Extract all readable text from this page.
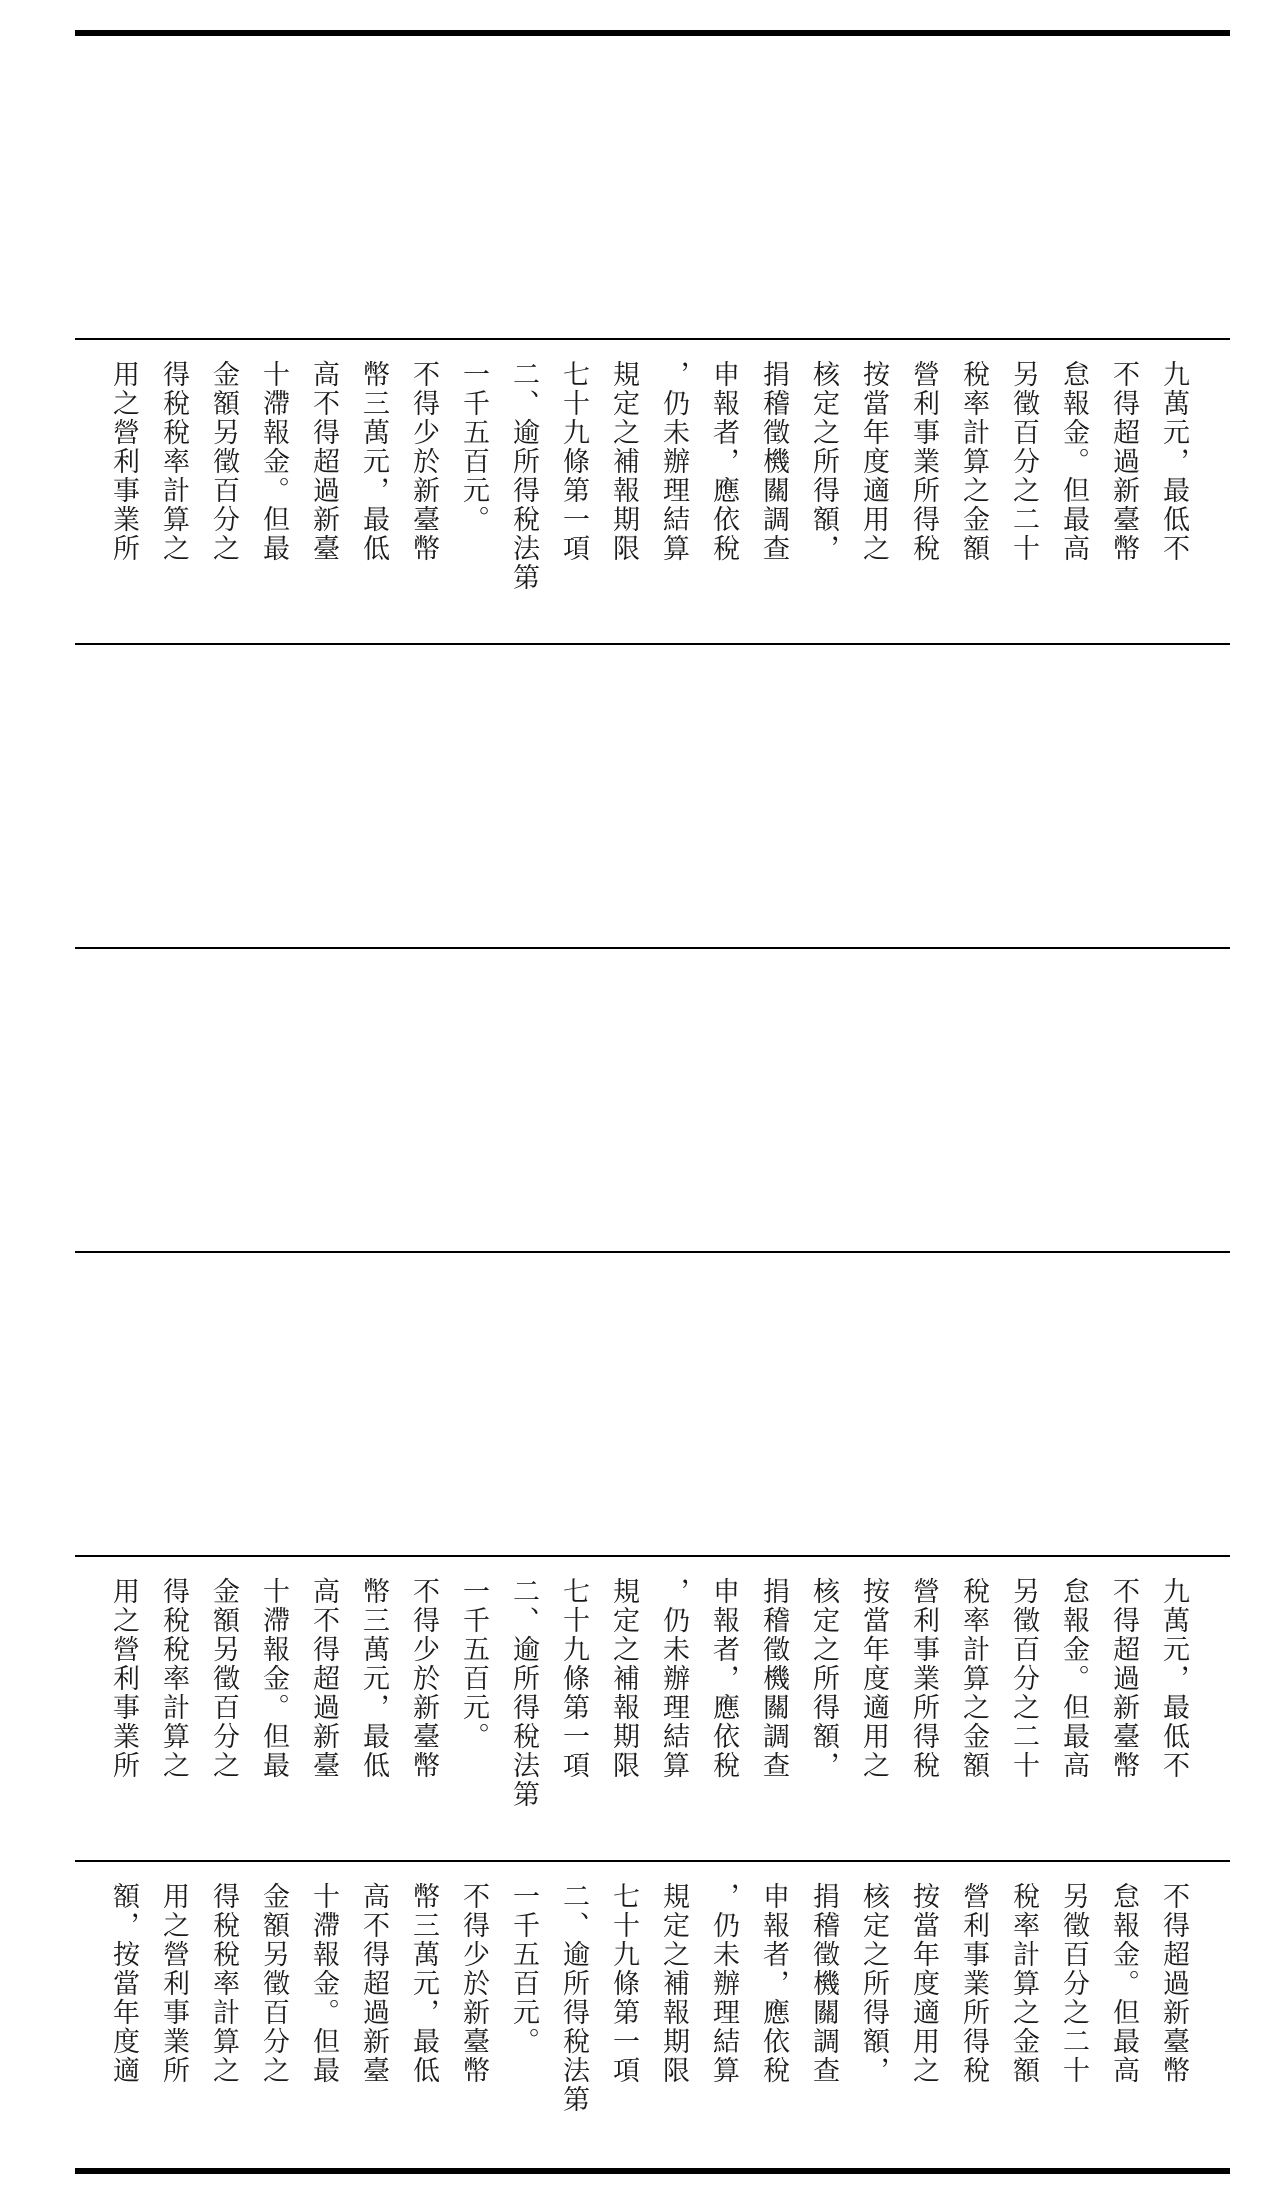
用之營利事業所 得稅稅率計算之 金額另徵百分之 十滯報金。但最 高不得超過新臺 幣三萬元，最低 不得少於新臺幣 一千五百元。 二、逾所得稅法第 七十九條第一項 規定之補報期限 ，仍未辦理結算 申報者，應依稅 捐稽徵機關調查 核定之所得額， 按當年度適用之 營利事業所得稅 稅率計算之金額 另徵百分之二十 怠報金。但最高 不得超過新臺幣 九萬元，最低不
用之營利事業所 得稅稅率計算之 金額另徵百分之 十滯報金。但最 高不得超過新臺 幣三萬元，最低 不得少於新臺幣 一千五百元。 二、逾所得稅法第 七十九條第一項 規定之補報期限 ，仍未辦理結算 申報者，應依稅 捐稽徵機關調查 核定之所得額， 按當年度適用之 營利事業所得稅 稅率計算之金額 另徵百分之二十 怠報金。但最高 不得超過新臺幣 九萬元，最低不
額，按當年度適 用之營利事業所 得稅稅率計算之 金額另徵百分之 十滯報金。但最 高不得超過新臺 幣三萬元，最低 不得少於新臺幣 一千五百元。 二、逾所得稅法第 七十九條第一項 規定之補報期限 ，仍未辦理結算 申報者，應依稅 捐稽徵機關調查 核定之所得額， 按當年度適用之 營利事業所得稅 稅率計算之金額 另徵百分之二十 怠報金。但最高 不得超過新臺幣
